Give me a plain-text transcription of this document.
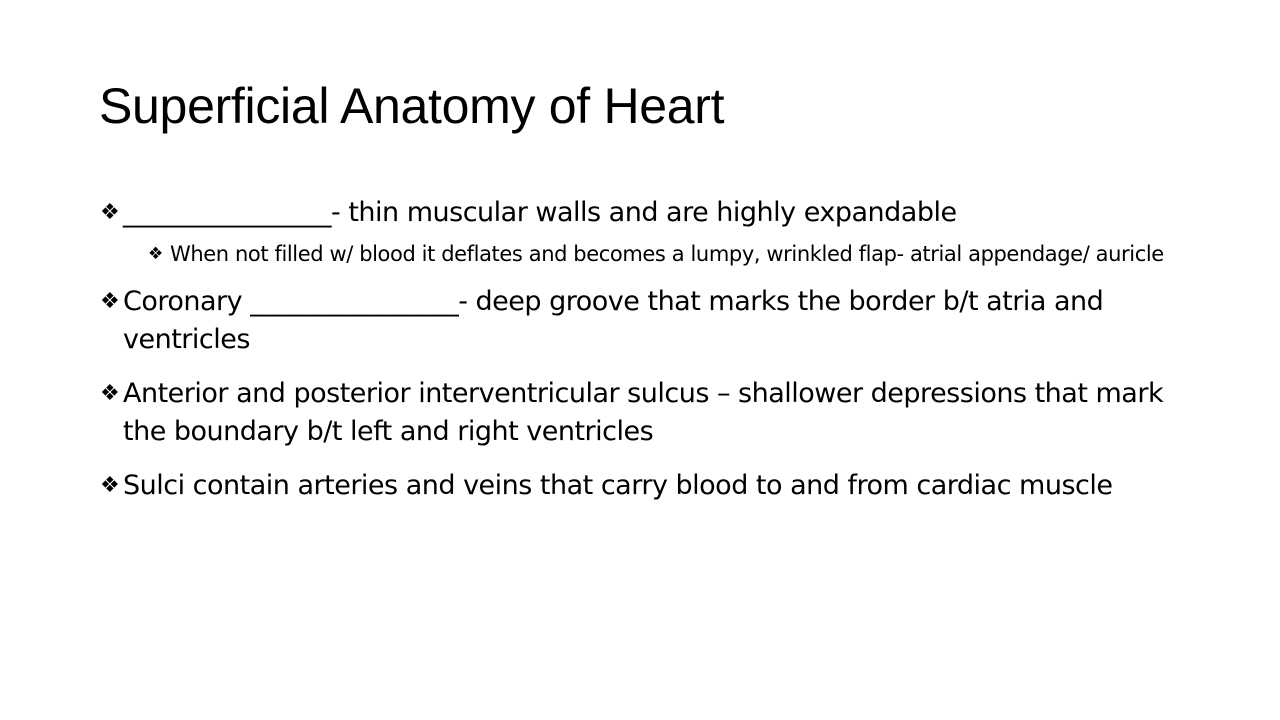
Superficial Anatomy of Heart
❖ ________________- thin muscular walls and are highly expandable
❖ When not filled w/ blood it deflates and becomes a lumpy, wrinkled flap- atrial appendage/ auricle
❖ Coronary ________________- deep groove that marks the border b/t atria and ventricles
❖ Anterior and posterior interventricular sulcus – shallower depressions that mark the boundary b/t left and right ventricles
❖ Sulci contain arteries and veins that carry blood to and from cardiac muscle
